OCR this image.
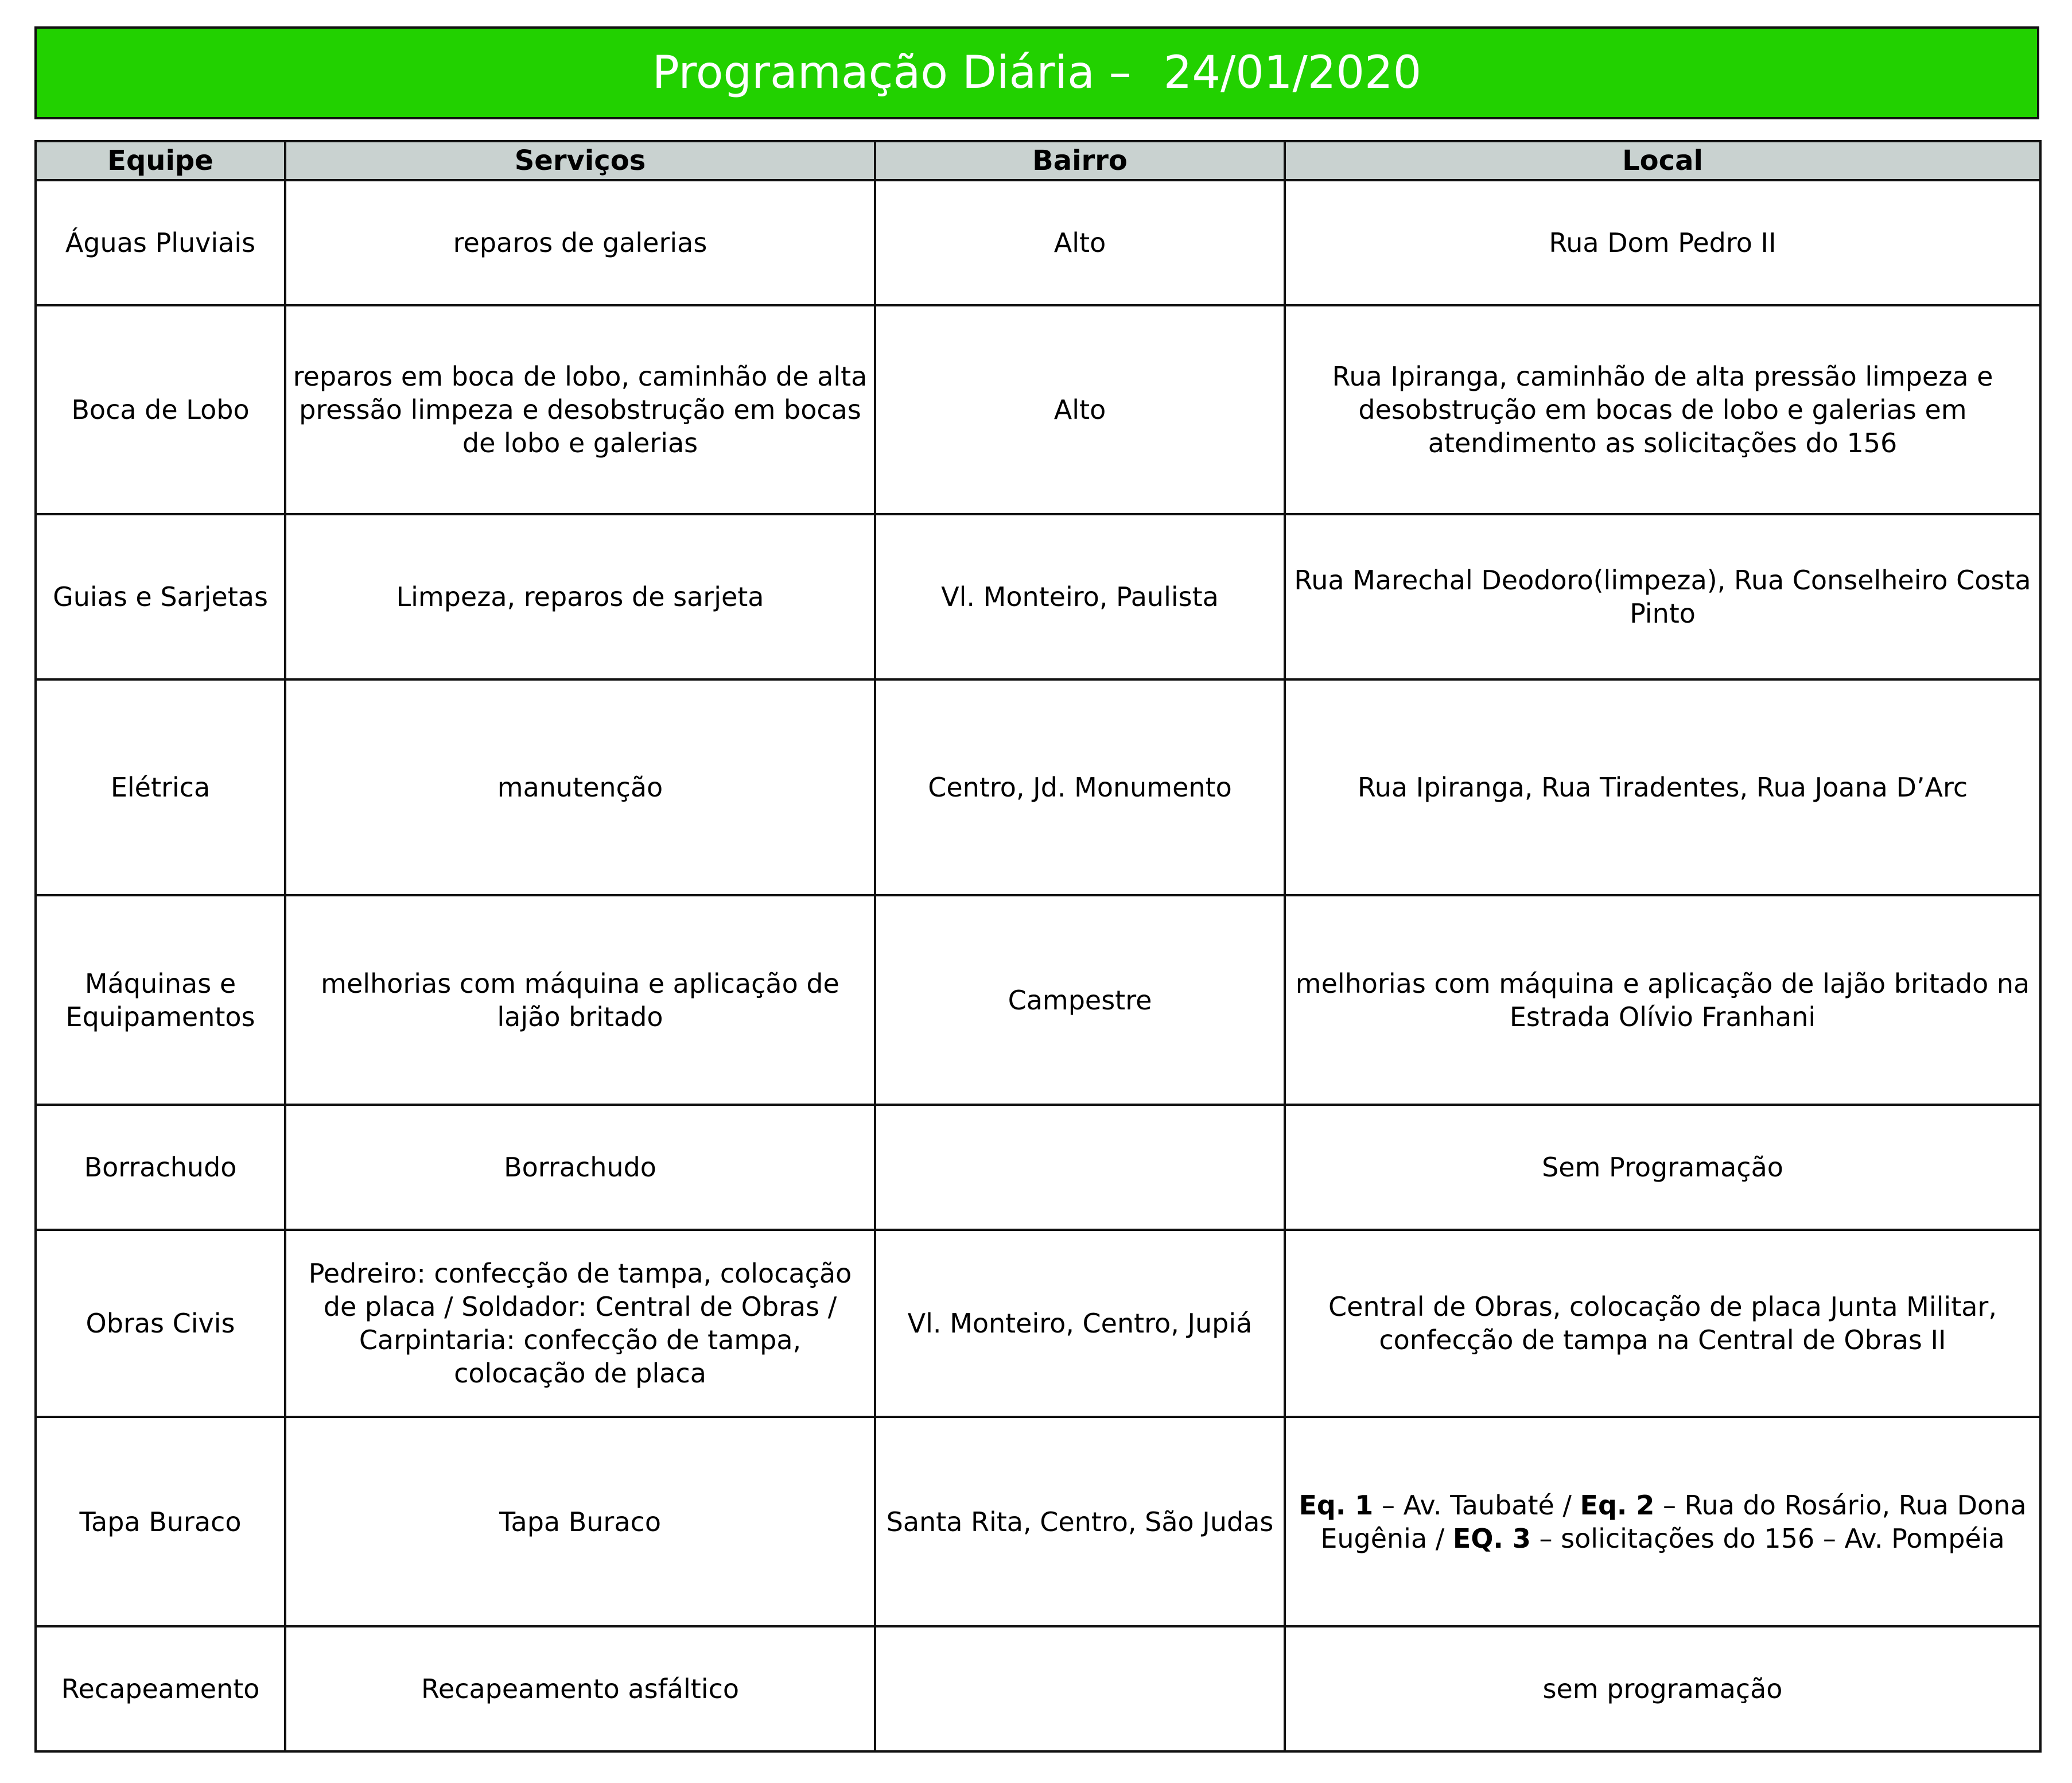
Programação Diária – 24/01/2020
Equipe	Serviços	Bairro	Local
Águas Pluviais	reparos de galerias	Alto	Rua Dom Pedro II
Boca de Lobo	reparos em boca de lobo, caminhão de alta pressão limpeza e desobstrução em bocas de lobo e galerias	Alto	Rua Ipiranga, caminhão de alta pressão limpeza e desobstrução em bocas de lobo e galerias em atendimento as solicitações do 156
Guias e Sarjetas	Limpeza, reparos de sarjeta	Vl. Monteiro, Paulista	Rua Marechal Deodoro(limpeza), Rua Conselheiro Costa Pinto
Elétrica	manutenção	Centro, Jd. Monumento	Rua Ipiranga, Rua Tiradentes, Rua Joana D’Arc
Máquinas e Equipamentos	melhorias com máquina e aplicação de lajão britado	Campestre	melhorias com máquina e aplicação de lajão britado na Estrada Olívio Franhani
Borrachudo	Borrachudo		Sem Programação
Obras Civis	Pedreiro: confecção de tampa, colocação de placa / Soldador: Central de Obras / Carpintaria: confecção de tampa, colocação de placa	Vl. Monteiro, Centro, Jupiá	Central de Obras, colocação de placa Junta Militar, confecção de tampa na Central de Obras II
Tapa Buraco	Tapa Buraco	Santa Rita, Centro, São Judas	Eq. 1 – Av. Taubaté / Eq. 2 – Rua do Rosário, Rua Dona Eugênia / EQ. 3 – solicitações do 156 – Av. Pompéia
Recapeamento	Recapeamento asfáltico		sem programação
